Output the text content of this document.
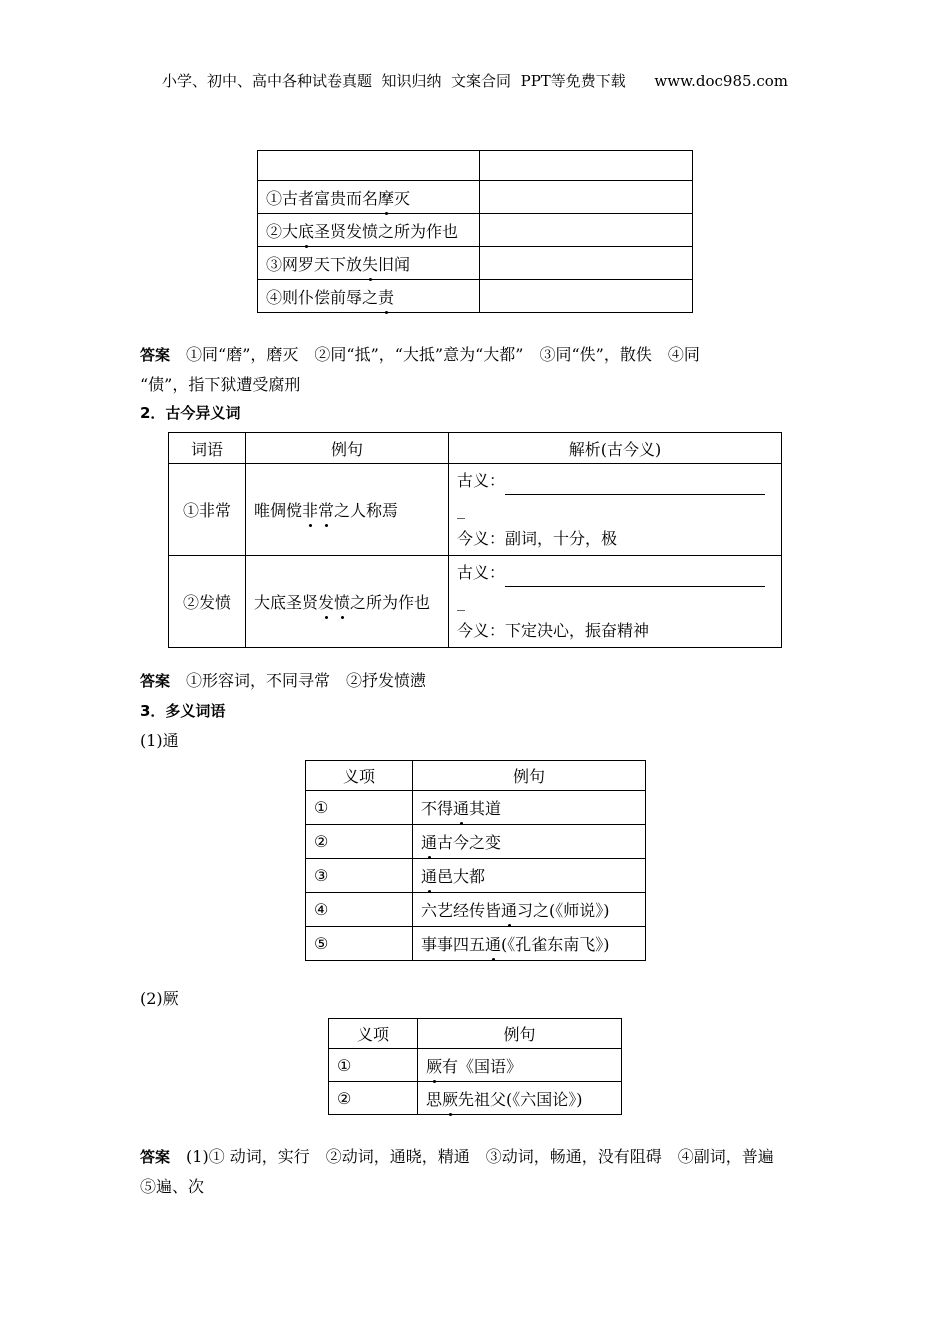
小学、初中、高中各种试卷真题  知识归纳  文案合同  PPT等免费下载      www.doc985.com

①古者富贵而名摩灭	
②大底圣贤发愤之所为作也	
③网罗天下放失旧闻	
④则仆偿前辱之责	
答案　 ①同“磨”，磨灭　②同“抵”，“大抵”意为“大都”　③同“佚”，散佚　④同
“债”，指下狱遭受腐刑
2．古今异义词
词语	例句	解析(古今义)
①非常	唯倜傥非常之人称焉	古义：
_
今义：副词，十分，极

②发愤	大底圣贤发愤之所为作也	古义：
_
今义：下定决心，振奋精神
答案　 ①形容词，不同寻常　②抒发愤懑
3．多义词语
(1)通
义项	例句
①	不得通其道
②	通古今之变
③	通邑大都
④	六艺经传皆通习之(《师说》)
⑤	事事四五通(《孔雀东南飞》)
(2)厥
义项	例句
①	厥有《国语》
②	思厥先祖父(《六国论》)
答案　 (1)① 动词，实行　②动词，通晓，精通　③动词，畅通，没有阻碍　④副词，普遍
⑤遍、次
